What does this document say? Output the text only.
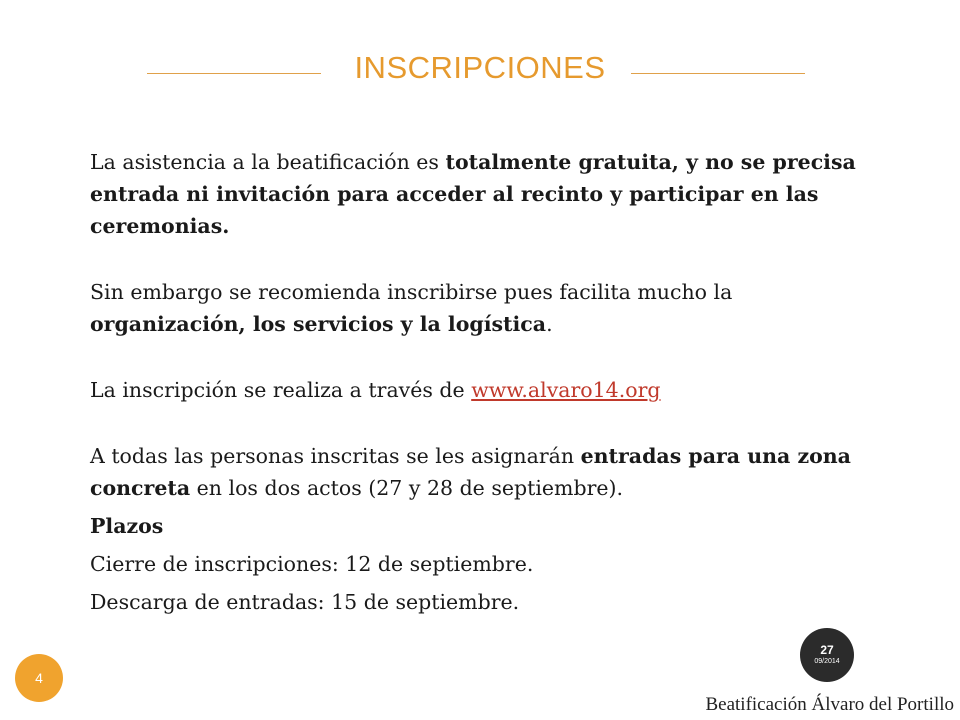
INSCRIPCIONES

La asistencia a la beatificación es totalmente gratuita, y no se precisa entrada ni invitación para acceder al recinto y participar en las ceremonias.

Sin embargo se recomienda inscribirse pues facilita mucho la organización, los servicios y la logística.

La inscripción se realiza a través de www.alvaro14.org

A todas las personas inscritas se les asignarán entradas para una zona concreta en los dos actos (27 y 28 de septiembre).

Plazos

Cierre de inscripciones: 12 de septiembre.

Descarga de entradas: 15 de septiembre.

4
27
09/2014
Beatificación Álvaro del Portillo
